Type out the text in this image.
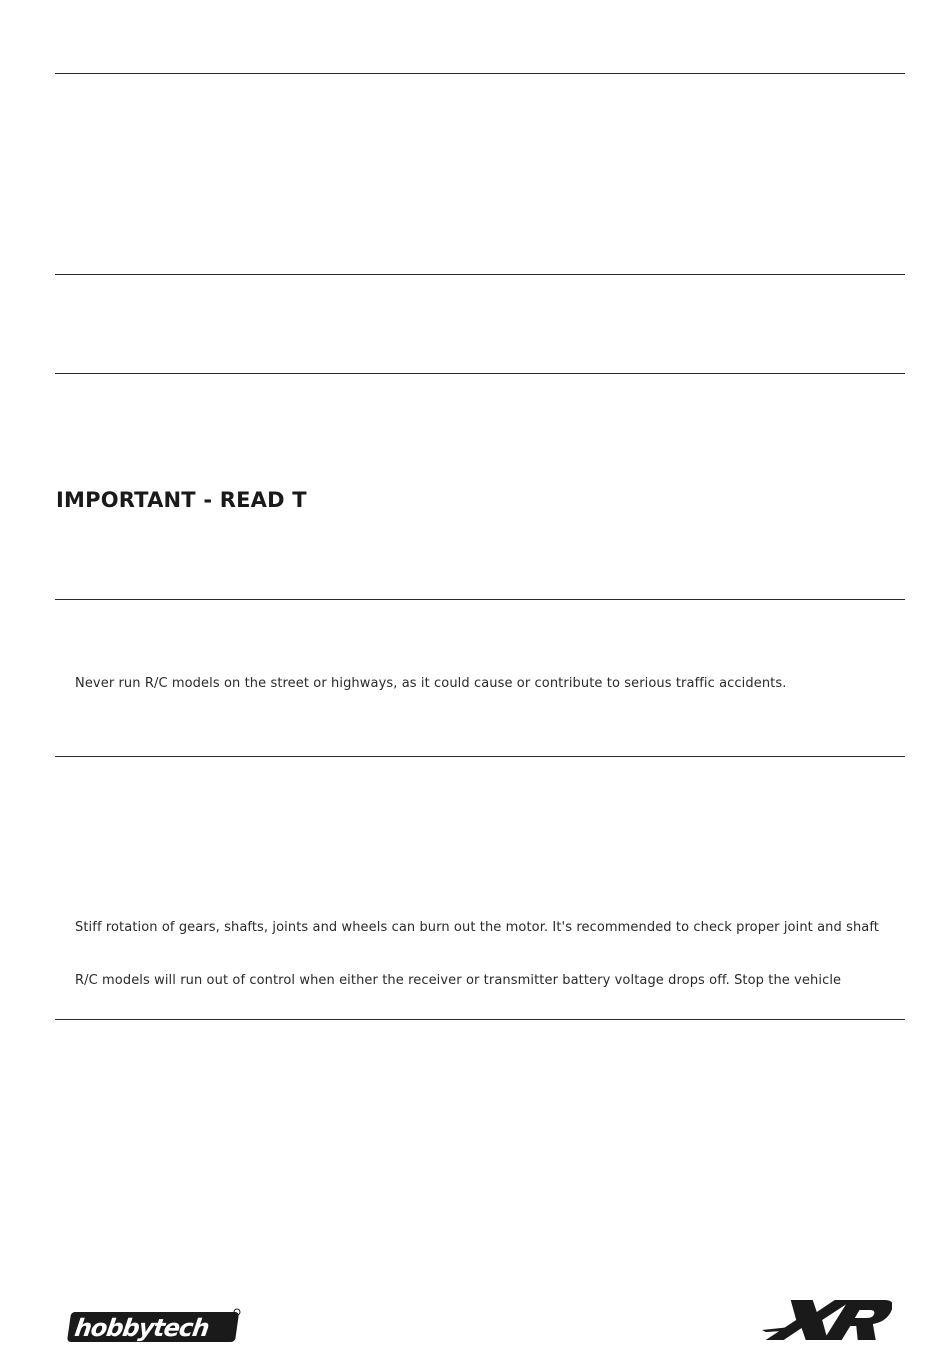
IMPORTANT - READ T
Never run R/C models on the street or highways, as it could cause or contribute to serious traffic accidents.
Stiff rotation of gears, shafts, joints and wheels can burn out the motor. It's recommended to check proper joint and shaft
R/C models will run out of control when either the receiver or transmitter battery voltage drops off. Stop the vehicle
hobbytech
